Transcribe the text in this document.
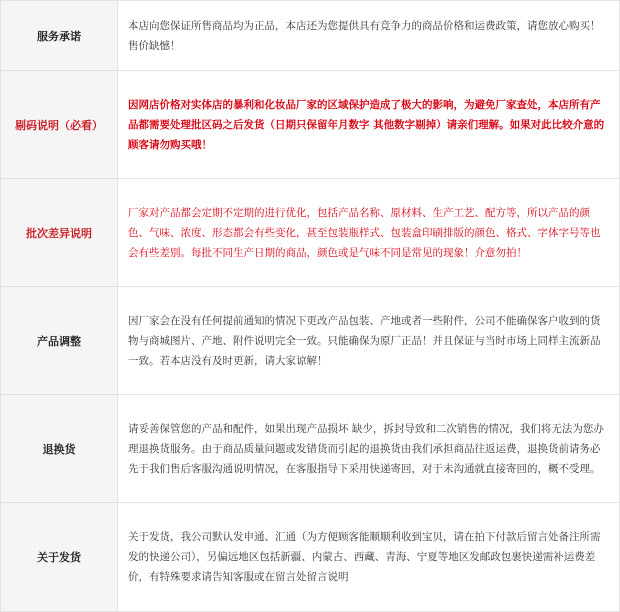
服务承诺	本店向您保证所售商品均为正品，本店还为您提供具有竞争力的商品价格和运费政策，请您放心购买！售价缺憾！

剔码说明（必看）	因网店价格对实体店的暴利和化妆品厂家的区域保护造成了极大的影响，为避免厂家查处，本店所有产品都需要处理批区码之后发货（日期只保留年月数字 其他数字剔掉）请亲们理解。如果对此比较介意的顾客请勿购买哦！

批次差异说明	厂家对产品都会定期不定期的进行优化，包括产品名称、原材料、生产工艺、配方等，所以产品的颜色、气味、浓度、形态都会有些变化，甚至包装瓶样式、包装盒印刷排版的颜色、格式、字体字号等也会有些差别。每批不同生产日期的商品，颜色或是气味不同是常见的现象！介意勿拍！

产品调整	因厂家会在没有任何提前通知的情况下更改产品包装、产地或者一些附件，公司不能确保客户收到的货物与商城图片、产地、附件说明完全一致。只能确保为原厂正品！并且保证与当时市场上同样主流新品一致。若本店没有及时更新，请大家谅解！

退换货	请妥善保管您的产品和配件，如果出现产品损坏 缺少，拆封导致和二次销售的情况，我们将无法为您办理退换货服务。由于商品质量问题或发错货而引起的退换货由我们承担商品往返运费，退换货前请务必先于我们售后客服沟通说明情况，在客服指导下采用快递寄回，对于未沟通就直接寄回的，概不受理。

关于发货	关于发货，我公司默认发申通、汇通（为方便顾客能顺顺利收到宝贝，请在拍下付款后留言处备注所需发的快递公司），另偏远地区包括新疆、内蒙古、西藏、青海、宁夏等地区发邮政包裹快递需补运费差价，有特殊要求请告知客服或在留言处留言说明
